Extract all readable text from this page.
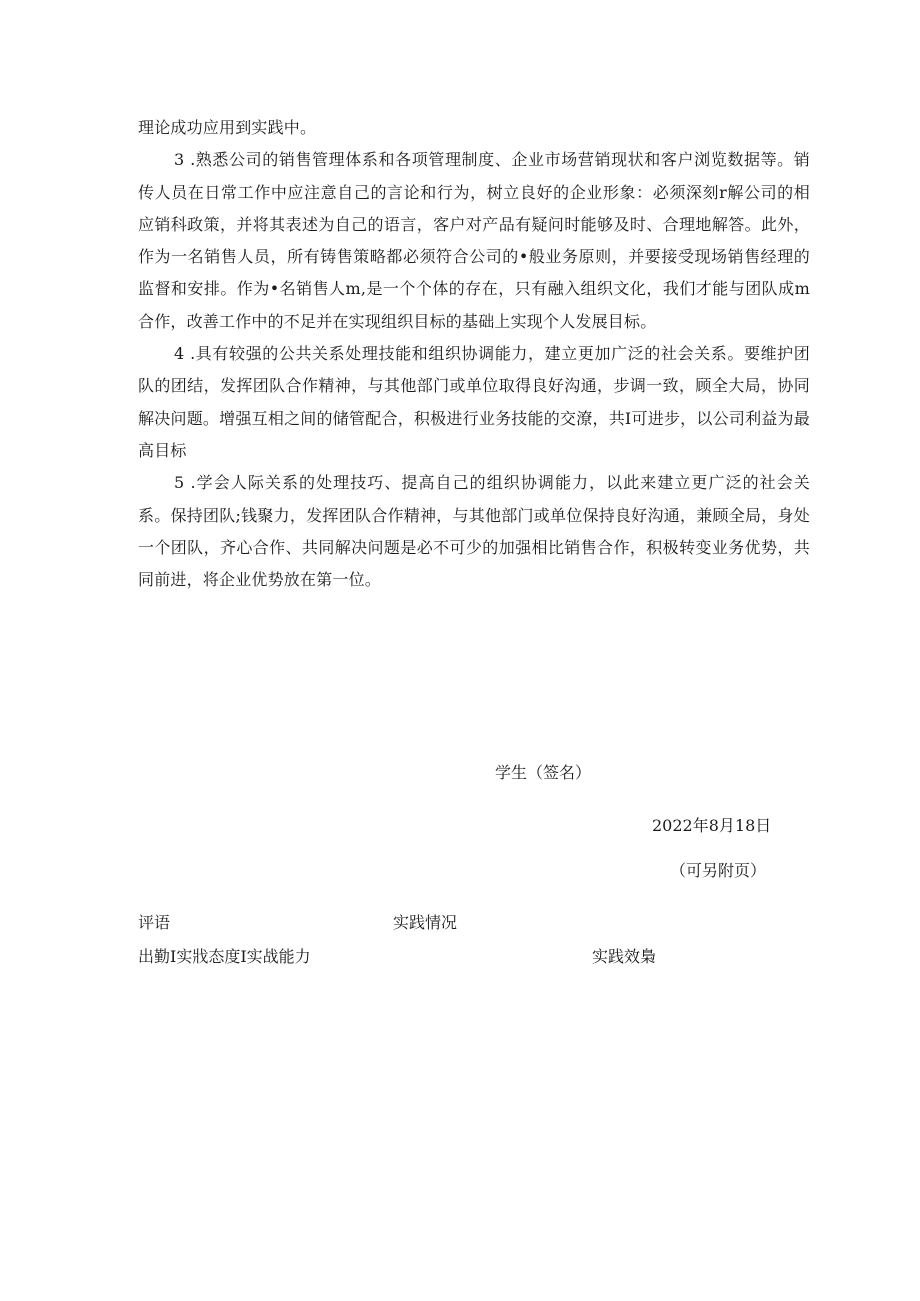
理论成功应用到实践中。

3 .熟悉公司的销售管理体系和各项管理制度、企业市场营销现状和客户浏览数据等。销传人员在日常工作中应注意自己的言论和行为，树立良好的企业形象：必须深刻r解公司的相应销科政策，并将其表述为自己的语言，客户对产品有疑问时能够及时、合理地解答。此外，作为一名销售人员，所有铸售策略都必须符合公司的•般业务原则，并要接受现场销售经理的监督和安排。作为•名销售人m,是一个个体的存在，只有融入组织文化，我们才能与团队成m合作，改善工作中的不足并在实现组织目标的基础上实现个人发展目标。

4 .具有较强的公共关系处理技能和组织协调能力，建立更加广泛的社会关系。要维护团队的团结，发挥团队合作精神，与其他部门或单位取得良好沟通，步调一致，顾全大局，协同解决问题。增强互相之间的储管配合，积极进行业务技能的交潦，共I可进步，以公司利益为最高目标

5 .学会人际关系的处理技巧、提高自己的组织协调能力，以此来建立更广泛的社会关系。保持团队;钱聚力，发挥团队合作精神，与其他部门或单位保持良好沟通，兼顾全局，身处一个团队，齐心合作、共同解决问题是必不可少的加强相比销售合作，积极转变业务优势，共同前进，将企业优势放在第一位。

学生（签名）
2022年8月18日
（可另附页）
评语	实践情况
出勤I实戕态度I实战能力	实践效梟
